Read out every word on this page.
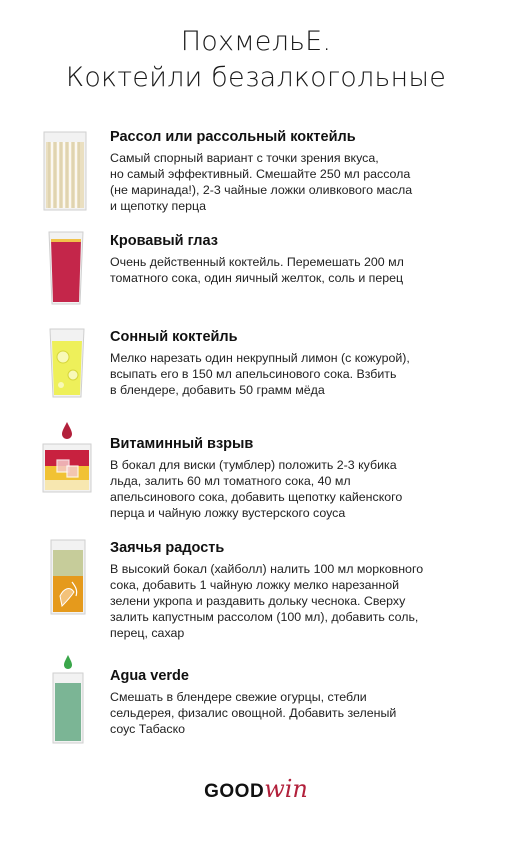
ПохмельЕ.
Коктейли безалкогольные
Рассол или рассольный коктейль
Самый спорный вариант с точки зрения вкуса,
но самый эффективный. Смешайте 250 мл рассола
(не маринада!), 2-3 чайные ложки оливкового масла
и щепотку перца
Кровавый глаз
Очень действенный коктейль. Перемешать 200 мл
томатного сока, один яичный желток, соль и перец
Сонный коктейль
Мелко нарезать один некрупный лимон (с кожурой),
всыпать его в 150 мл апельсинового сока. Взбить
в блендере, добавить 50 грамм мёда
Витаминный взрыв
В бокал для виски (тумблер) положить 2-3 кубика
льда, залить 60 мл томатного сока, 40 мл
апельсинового сока, добавить щепотку кайенского
перца и чайную ложку вустерского соуса
Заячья радость
В высокий бокал (хайболл) налить 100 мл морковного
сока, добавить 1 чайную ложку мелко нарезанной
зелени укропа и раздавить дольку чеснока. Сверху
залить капустным рассолом (100 мл), добавить соль,
перец, сахар
Agua verde
Смешать в блендере свежие огурцы, стебли
сельдерея, физалис овощной. Добавить зеленый
соус Табаско
GOODwin
